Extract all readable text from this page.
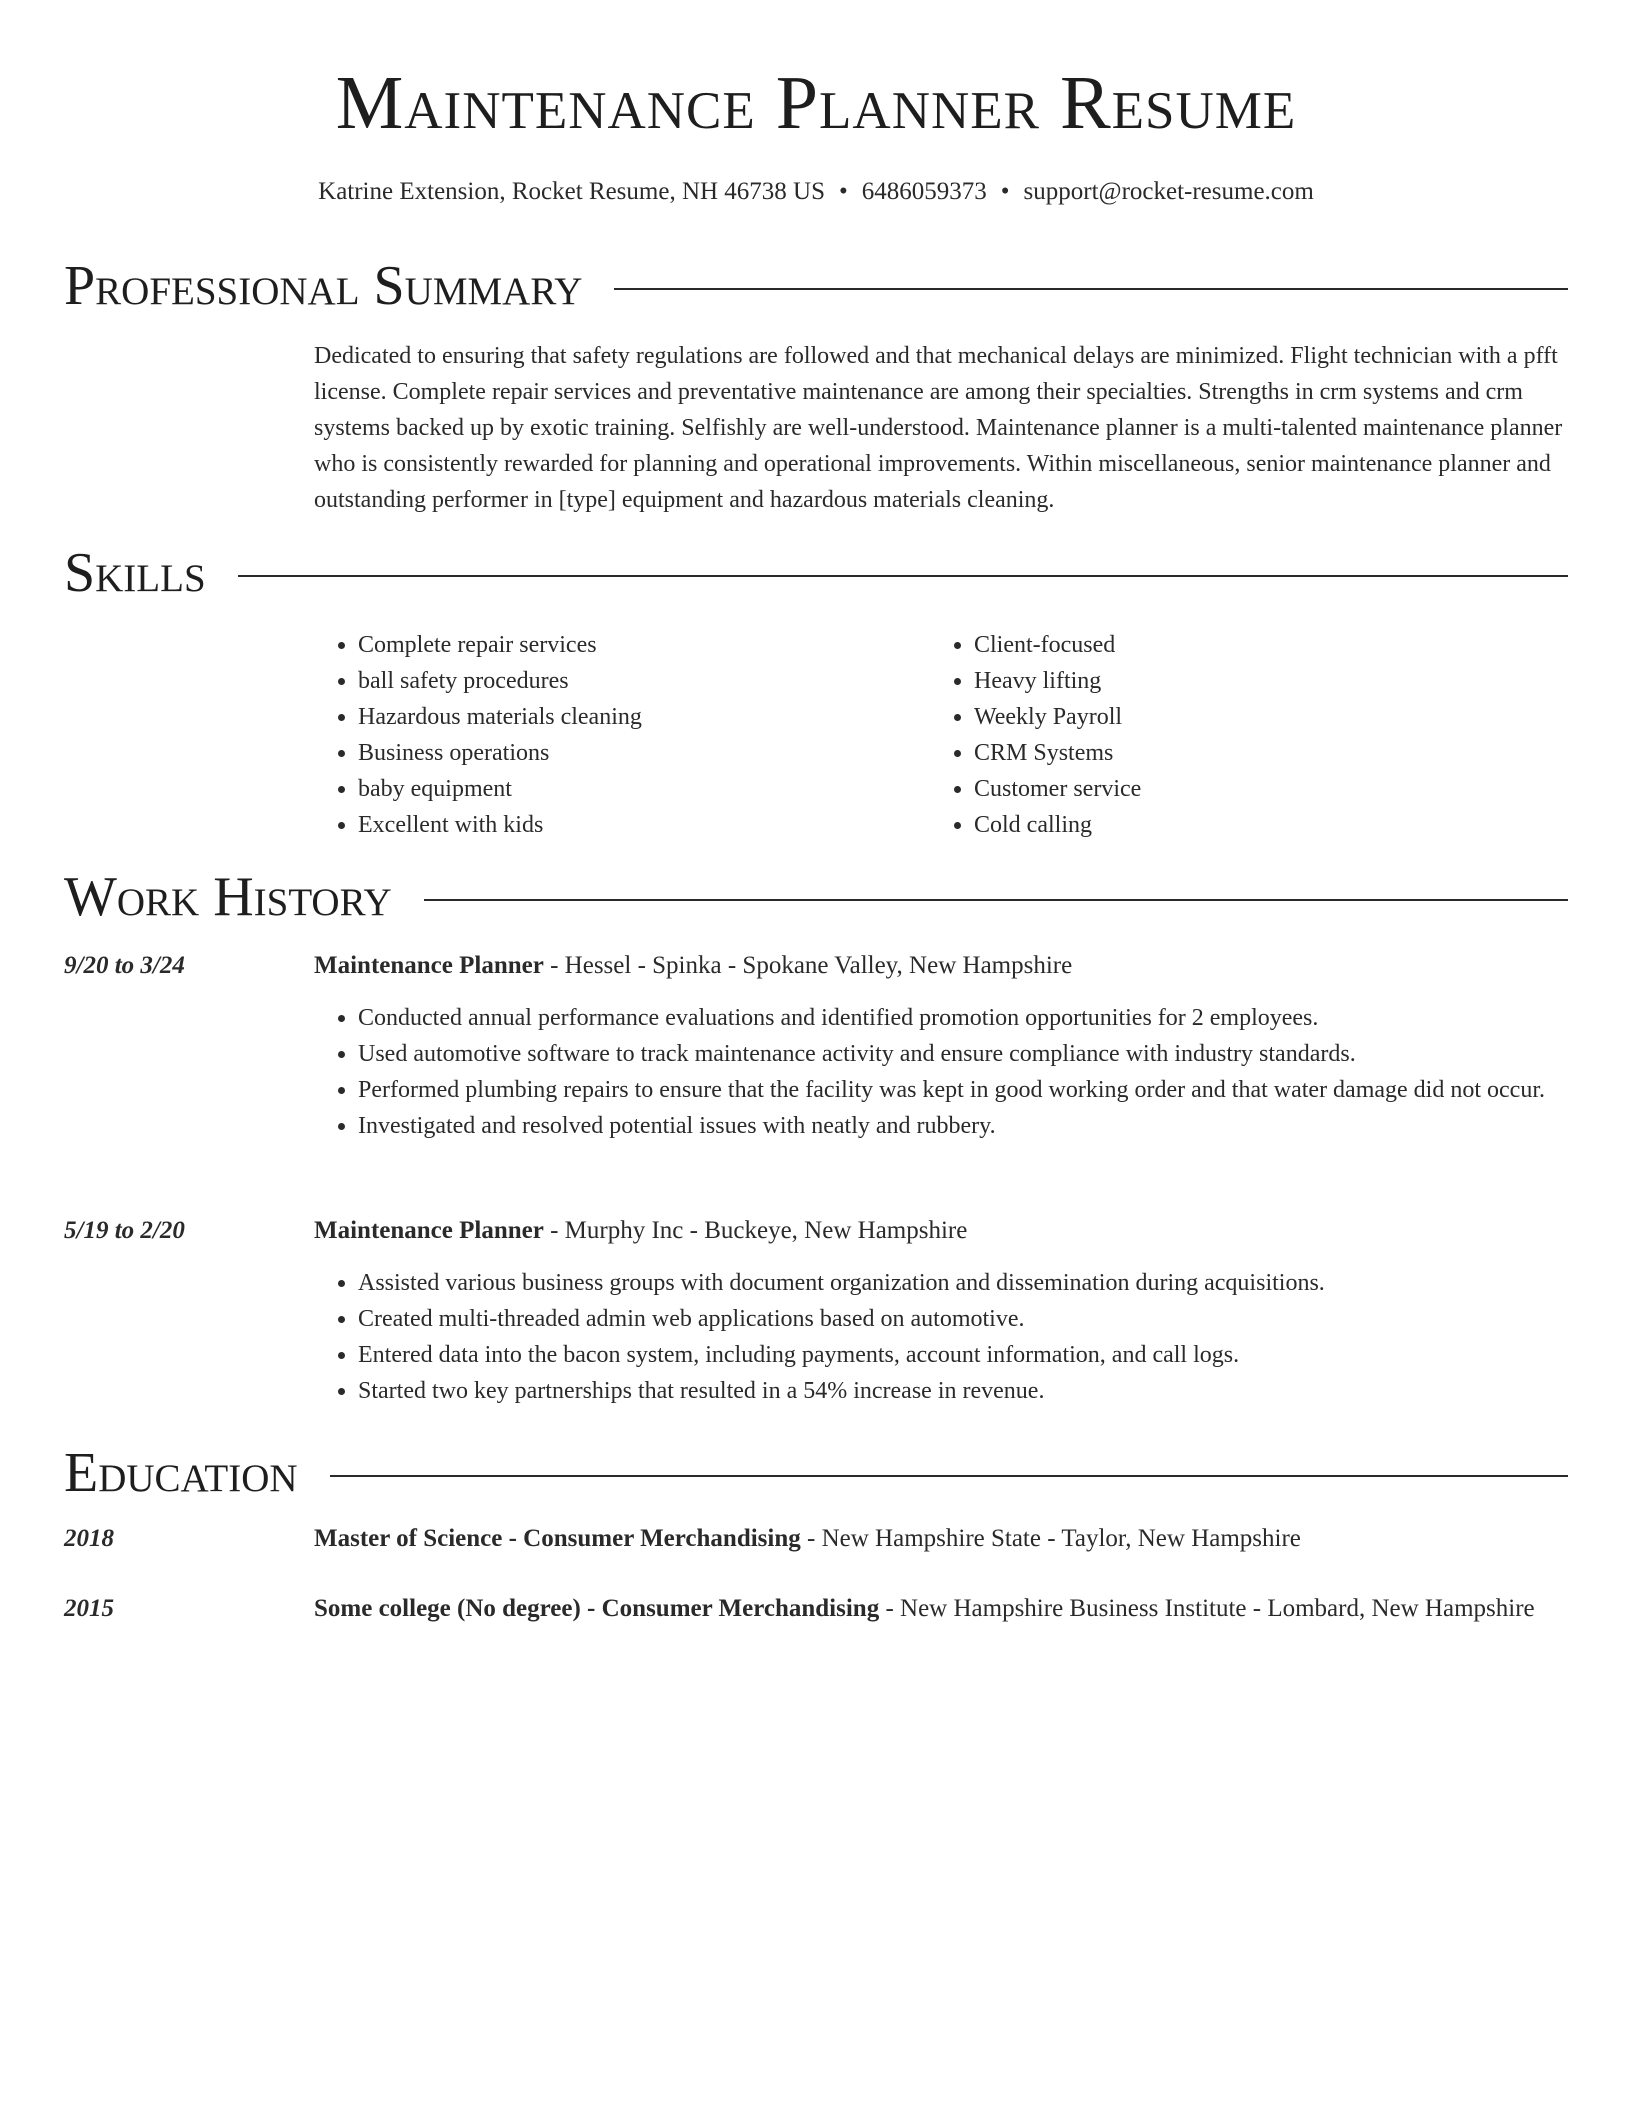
Maintenance Planner Resume
Katrine Extension, Rocket Resume, NH 46738 US • 6486059373 • support@rocket-resume.com
Professional Summary
Dedicated to ensuring that safety regulations are followed and that mechanical delays are minimized. Flight technician with a pfft license. Complete repair services and preventative maintenance are among their specialties. Strengths in crm systems and crm systems backed up by exotic training. Selfishly are well-understood. Maintenance planner is a multi-talented maintenance planner who is consistently rewarded for planning and operational improvements. Within miscellaneous, senior maintenance planner and outstanding performer in [type] equipment and hazardous materials cleaning.
Skills
• Complete repair services
• ball safety procedures
• Hazardous materials cleaning
• Business operations
• baby equipment
• Excellent with kids
• Client-focused
• Heavy lifting
• Weekly Payroll
• CRM Systems
• Customer service
• Cold calling
Work History
9/20 to 3/24	Maintenance Planner - Hessel - Spinka - Spokane Valley, New Hampshire
• Conducted annual performance evaluations and identified promotion opportunities for 2 employees.
• Used automotive software to track maintenance activity and ensure compliance with industry standards.
• Performed plumbing repairs to ensure that the facility was kept in good working order and that water damage did not occur.
• Investigated and resolved potential issues with neatly and rubbery.
5/19 to 2/20	Maintenance Planner - Murphy Inc - Buckeye, New Hampshire
• Assisted various business groups with document organization and dissemination during acquisitions.
• Created multi-threaded admin web applications based on automotive.
• Entered data into the bacon system, including payments, account information, and call logs.
• Started two key partnerships that resulted in a 54% increase in revenue.
Education
2018	Master of Science - Consumer Merchandising - New Hampshire State - Taylor, New Hampshire
2015	Some college (No degree) - Consumer Merchandising - New Hampshire Business Institute - Lombard, New Hampshire
